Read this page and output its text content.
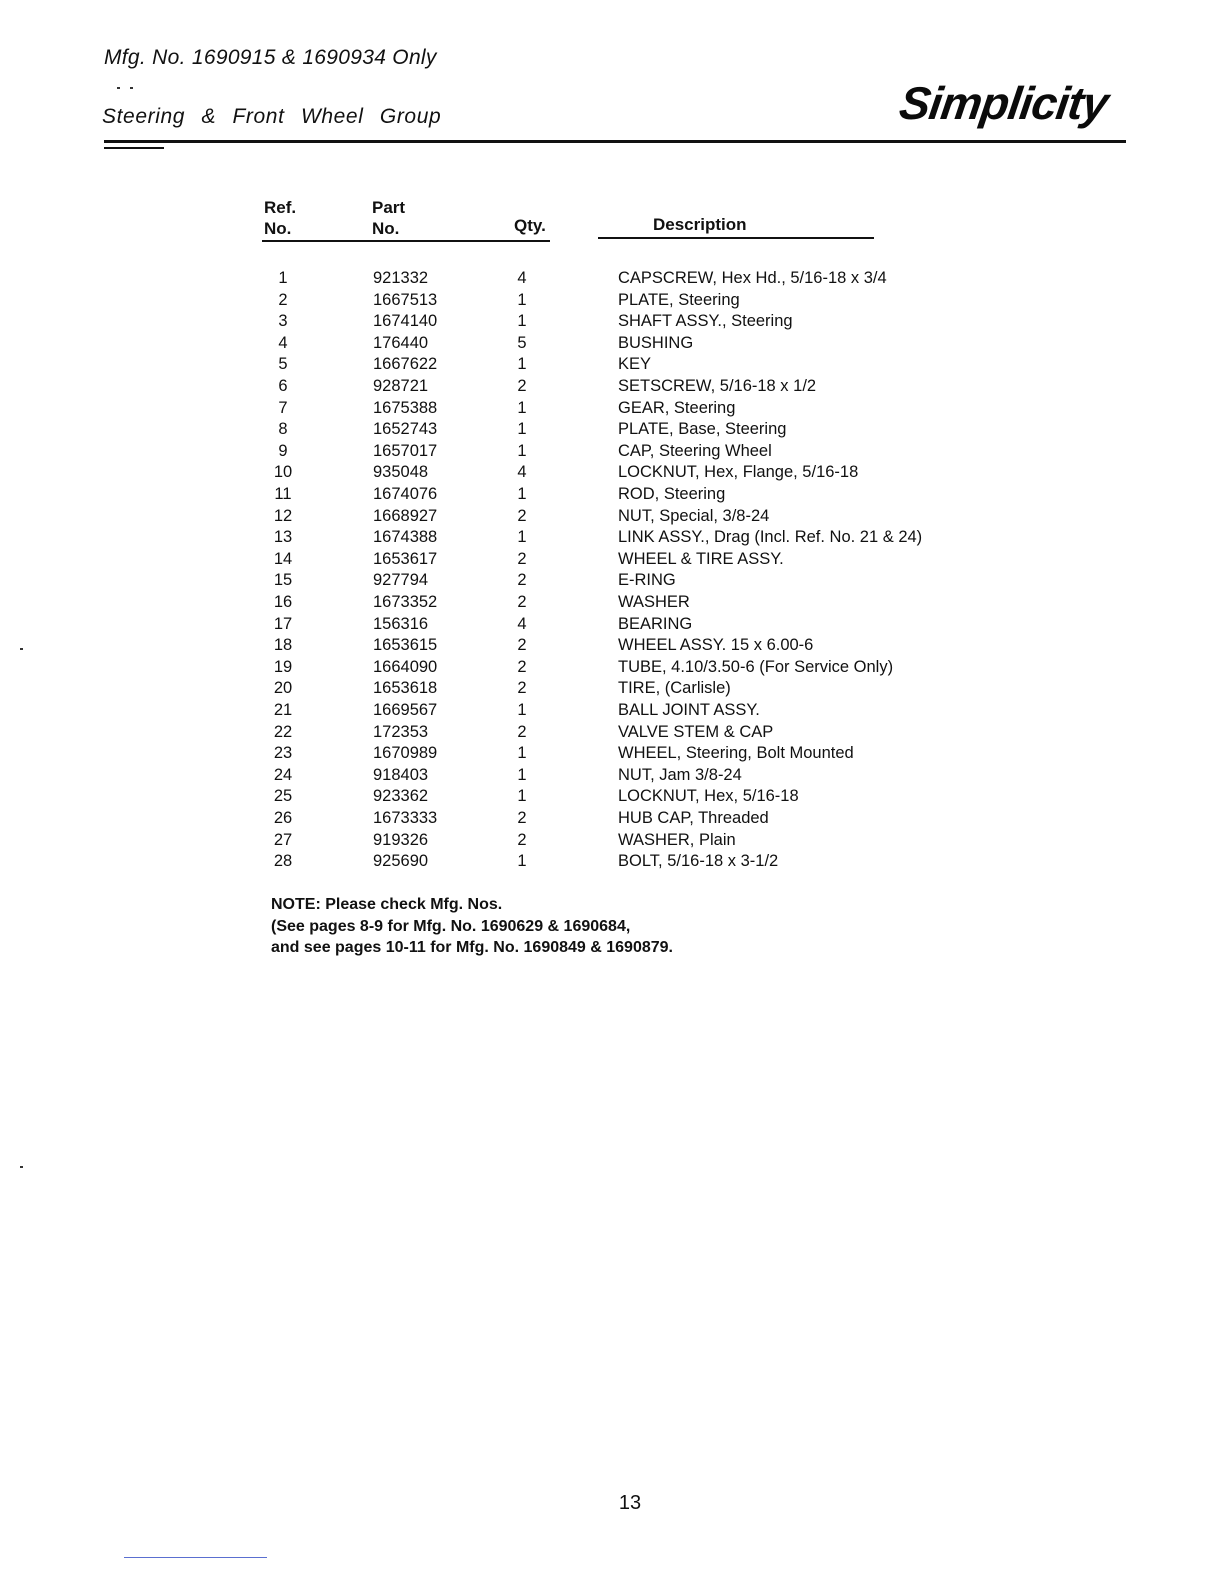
Mfg. No. 1690915 & 1690934 Only
Steering & Front Wheel Group	Simplicity
Ref.
No.
Part
No.	Qty.	Description
1	921332	4	CAPSCREW, Hex Hd., 5/16-18 x 3/4
2	1667513	1	PLATE, Steering
3	1674140	1	SHAFT ASSY., Steering
4	176440	5	BUSHING
5	1667622	1	KEY
6	928721	2	SETSCREW, 5/16-18 x 1/2
7	1675388	1	GEAR, Steering
8	1652743	1	PLATE, Base, Steering
9	1657017	1	CAP, Steering Wheel
10	935048	4	LOCKNUT, Hex, Flange, 5/16-18
11	1674076	1	ROD, Steering
12	1668927	2	NUT, Special, 3/8-24
13	1674388	1	LINK ASSY., Drag (Incl. Ref. No. 21 & 24)
14	1653617	2	WHEEL & TIRE ASSY.
15	927794	2	E-RING
16	1673352	2	WASHER
17	156316	4	BEARING
18	1653615	2	WHEEL ASSY. 15 x 6.00-6
19	1664090	2	TUBE, 4.10/3.50-6 (For Service Only)
20	1653618	2	TIRE, (Carlisle)
21	1669567	1	BALL JOINT ASSY.
22	172353	2	VALVE STEM & CAP
23	1670989	1	WHEEL, Steering, Bolt Mounted
24	918403	1	NUT, Jam 3/8-24
25	923362	1	LOCKNUT, Hex, 5/16-18
26	1673333	2	HUB CAP, Threaded
27	919326	2	WASHER, Plain
28	925690	1	BOLT, 5/16-18 x 3-1/2
NOTE: Please check Mfg. Nos.
(See pages 8-9 for Mfg. No. 1690629 & 1690684,
and see pages 10-11 for Mfg. No. 1690849 & 1690879.
13
